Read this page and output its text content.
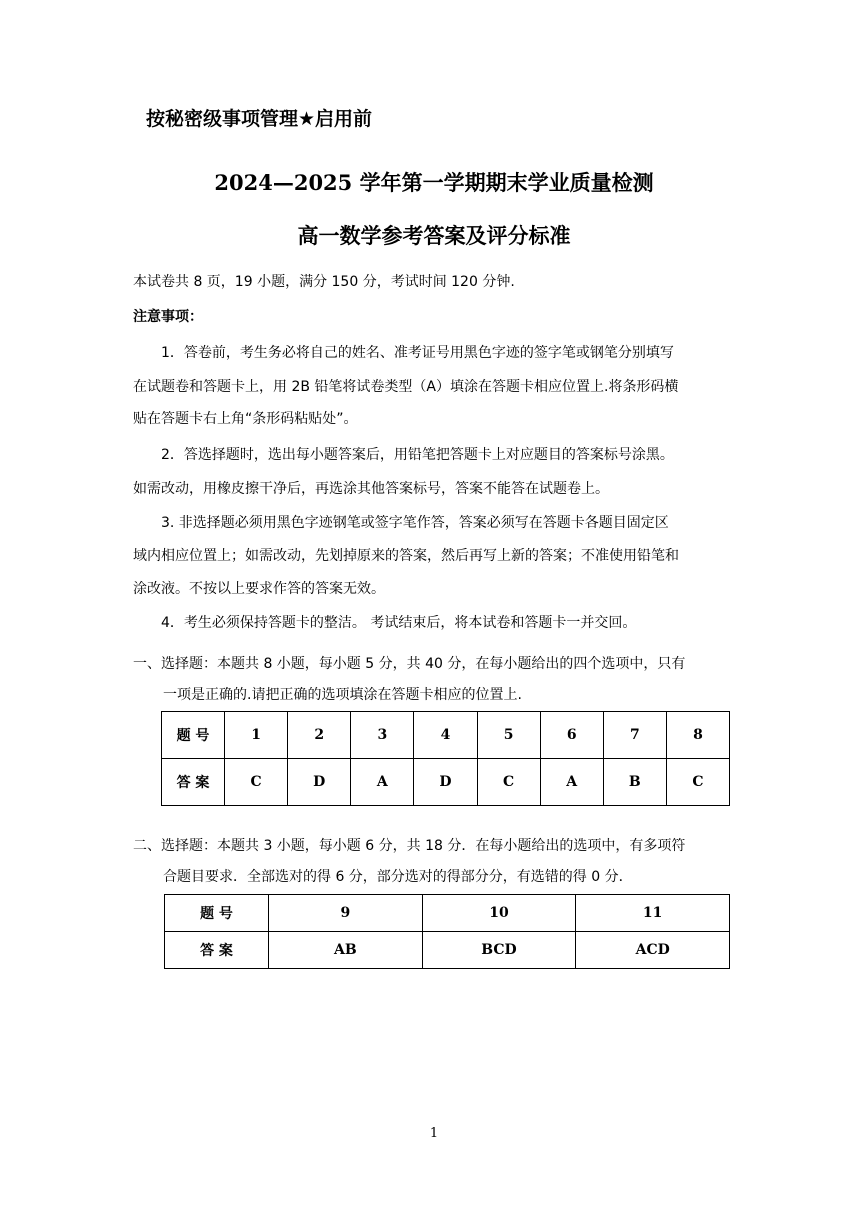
按秘密级事项管理★启用前
2024—2025 学年第一学期期末学业质量检测
高一数学参考答案及评分标准
本试卷共 8 页，19 小题，满分 150 分，考试时间 120 分钟.
注意事项：
1．答卷前，考生务必将自己的姓名、准考证号用黑色字迹的签字笔或钢笔分别填写
在试题卷和答题卡上，用 2B 铅笔将试卷类型（A）填涂在答题卡相应位置上.将条形码横
贴在答题卡右上角“条形码粘贴处”。
2．答选择题时，选出每小题答案后，用铅笔把答题卡上对应题目的答案标号涂黑。
如需改动，用橡皮擦干净后，再选涂其他答案标号，答案不能答在试题卷上。
3. 非选择题必须用黑色字迹钢笔或签字笔作答，答案必须写在答题卡各题目固定区
域内相应位置上；如需改动，先划掉原来的答案，然后再写上新的答案；不准使用铅笔和
涂改液。不按以上要求作答的答案无效。
4．考生必须保持答题卡的整洁。 考试结束后，将本试卷和答题卡一并交回。
一、选择题：本题共 8 小题，每小题 5 分，共 40 分，在每小题给出的四个选项中，只有
一项是正确的.请把正确的选项填涂在答题卡相应的位置上.
题 号	1	2	3	4	5	6	7	8
答 案	C	D	A	D	C	A	B	C
二、选择题：本题共 3 小题，每小题 6 分，共 18 分．在每小题给出的选项中，有多项符
合题目要求．全部选对的得 6 分，部分选对的得部分分，有选错的得 0 分．
题 号	9	10	11
答 案	AB	BCD	ACD
1
